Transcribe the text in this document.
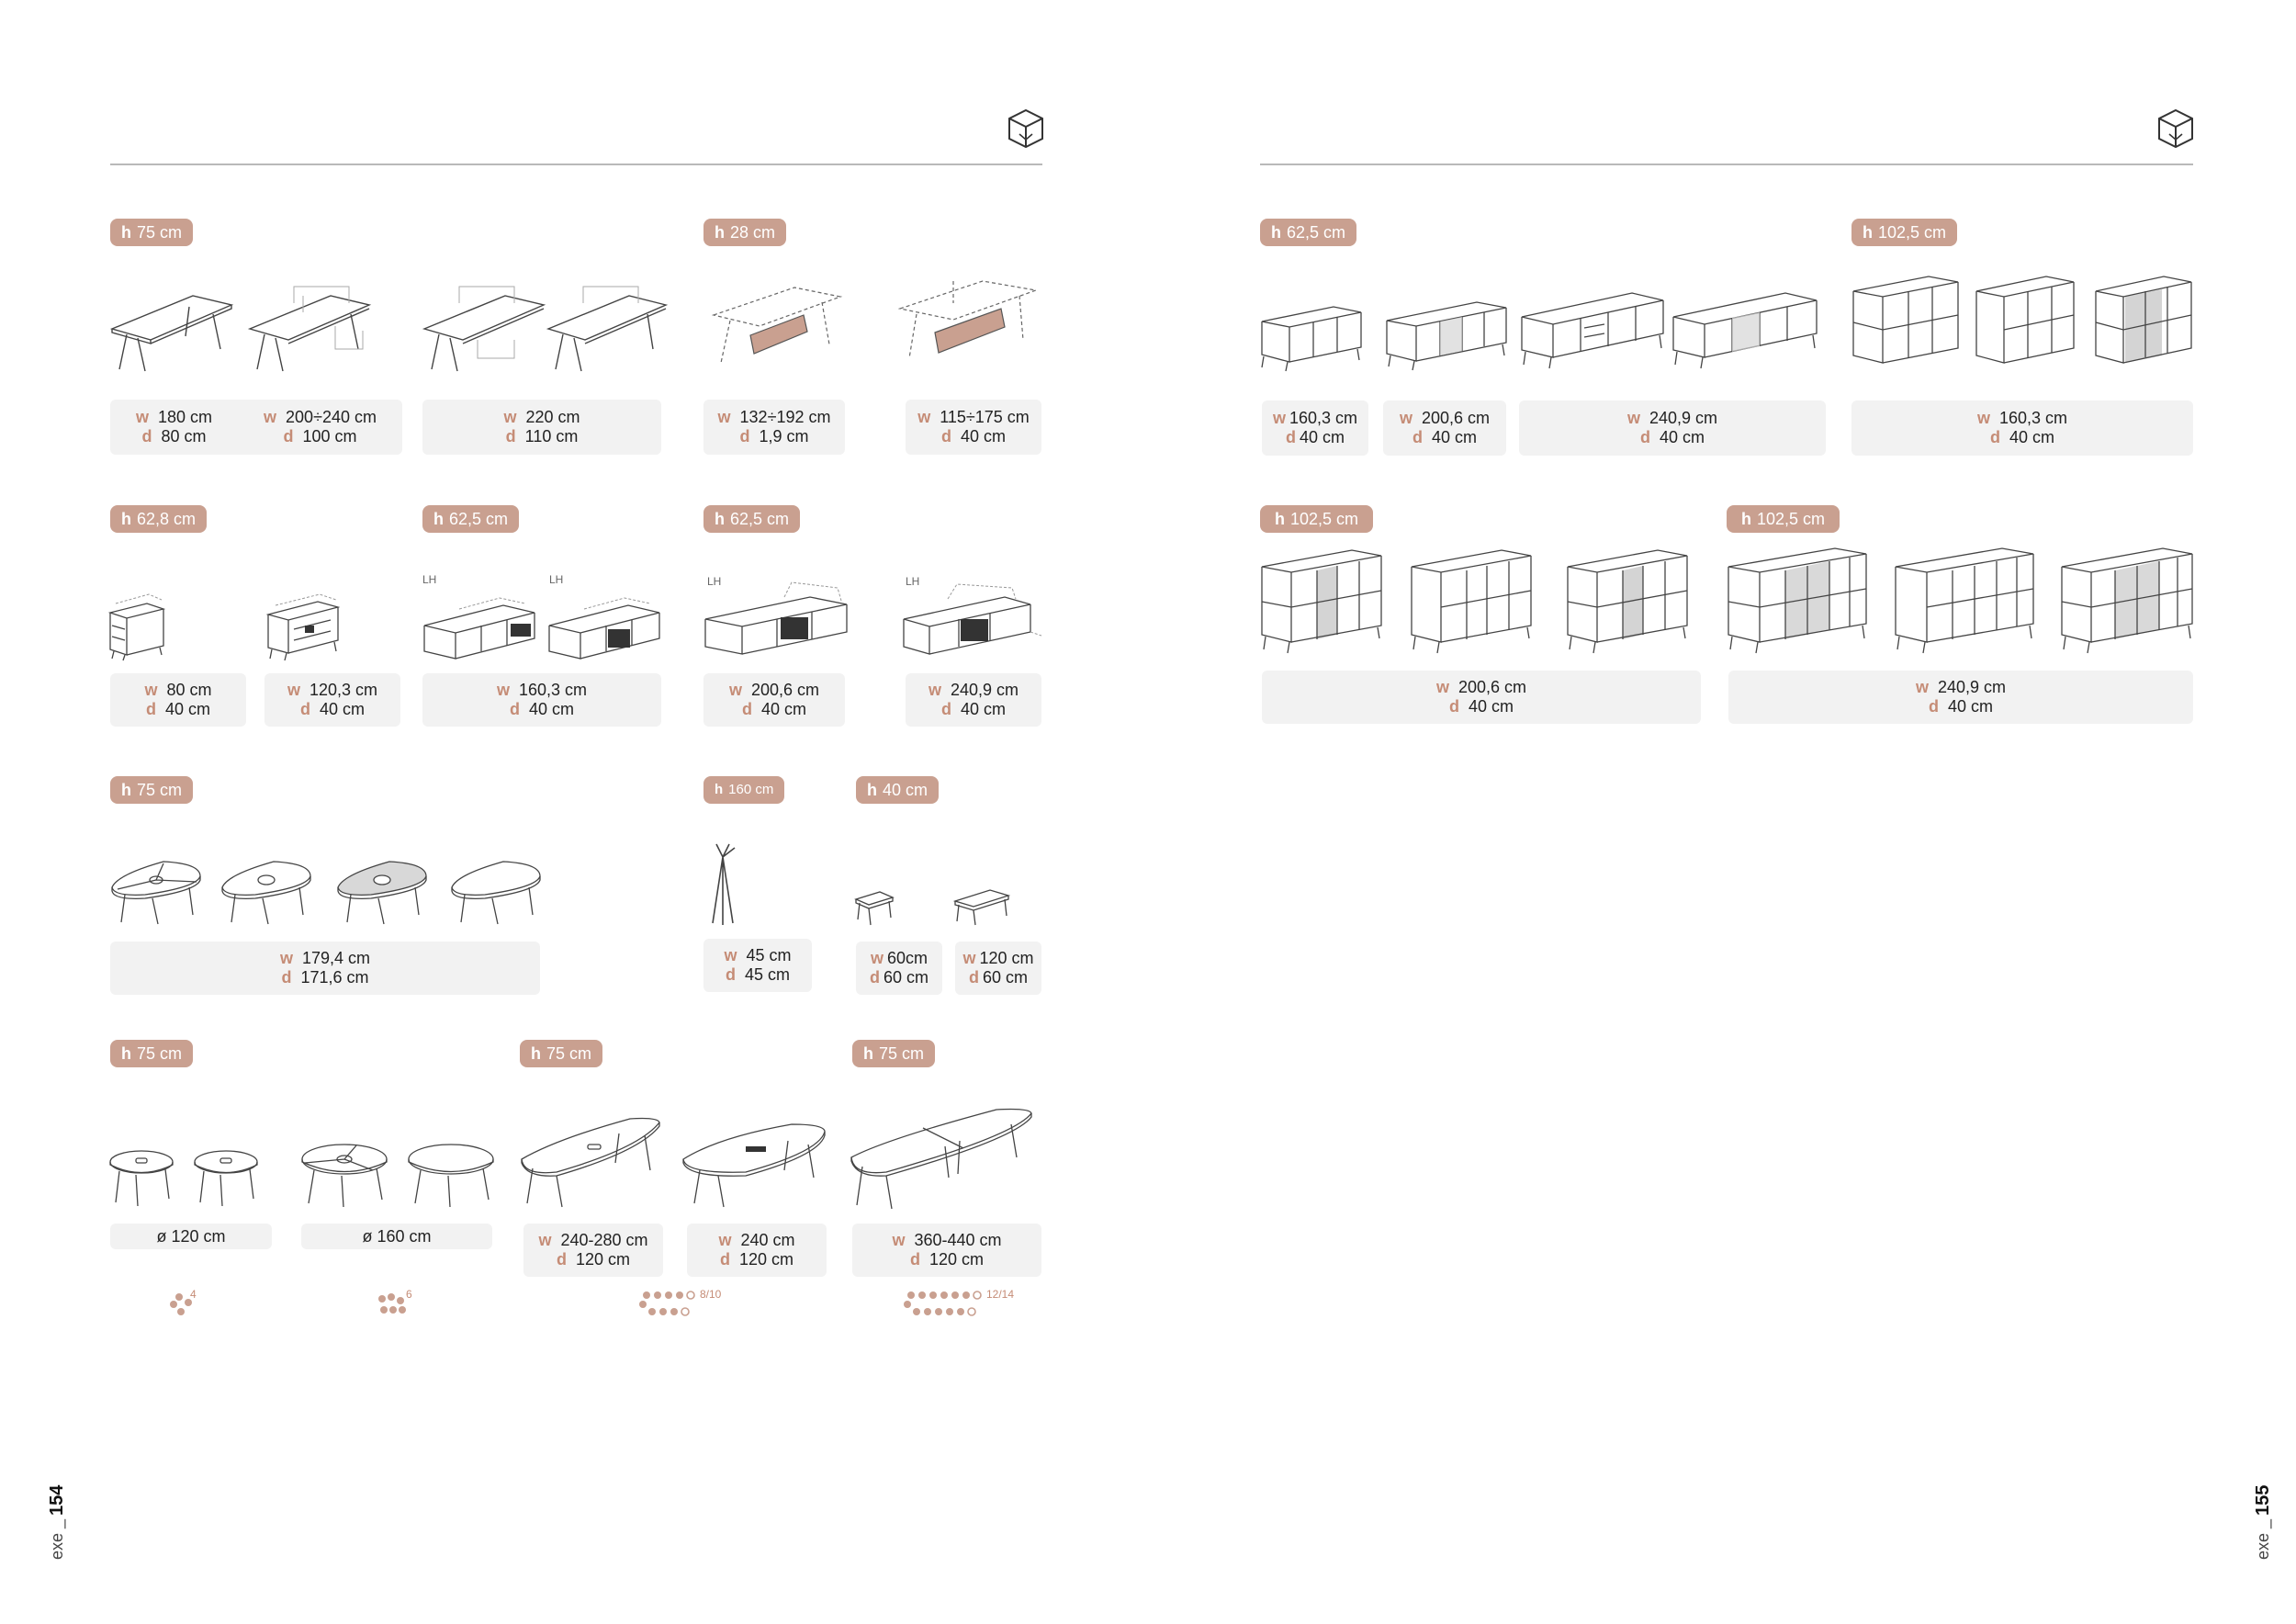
h 75 cm	h 28 cm
w 180 cm
d 80 cm
w 200÷240 cm
d 100 cm
w 220 cm
d 110 cm
w 132÷192 cm
d 1,9 cm
w 115÷175 cm
d 40 cm
h 62,8 cm	h 62,5 cm	h 62,5 cm
LH	LH	LH	LH
w 80 cm
d 40 cm
w 120,3 cm
d 40 cm
w 160,3 cm
d 40 cm
w 200,6 cm
d 40 cm
w 240,9 cm
d 40 cm
h 75 cm	h 160 cm	h 40 cm
w 179,4 cm
d 171,6 cm
w 45 cm
d 45 cm
w 60cm
d 60 cm
w 120 cm
d 60 cm
h 75 cm	h 75 cm	h 75 cm
ø 120 cm	ø 160 cm	w 240-280 cm
d 120 cm
w 240 cm
d 120 cm
w 360-440 cm
d 120 cm
4	6	8/10	12/14
exe _154
h 62,5 cm	h 102,5 cm
w 160,3 cm
d 40 cm
w 200,6 cm
d 40 cm
w 240,9 cm
d 40 cm
w 160,3 cm
d 40 cm
h 102,5 cm	h 102,5 cm
w 200,6 cm
d 40 cm
w 240,9 cm
d 40 cm
exe _155
